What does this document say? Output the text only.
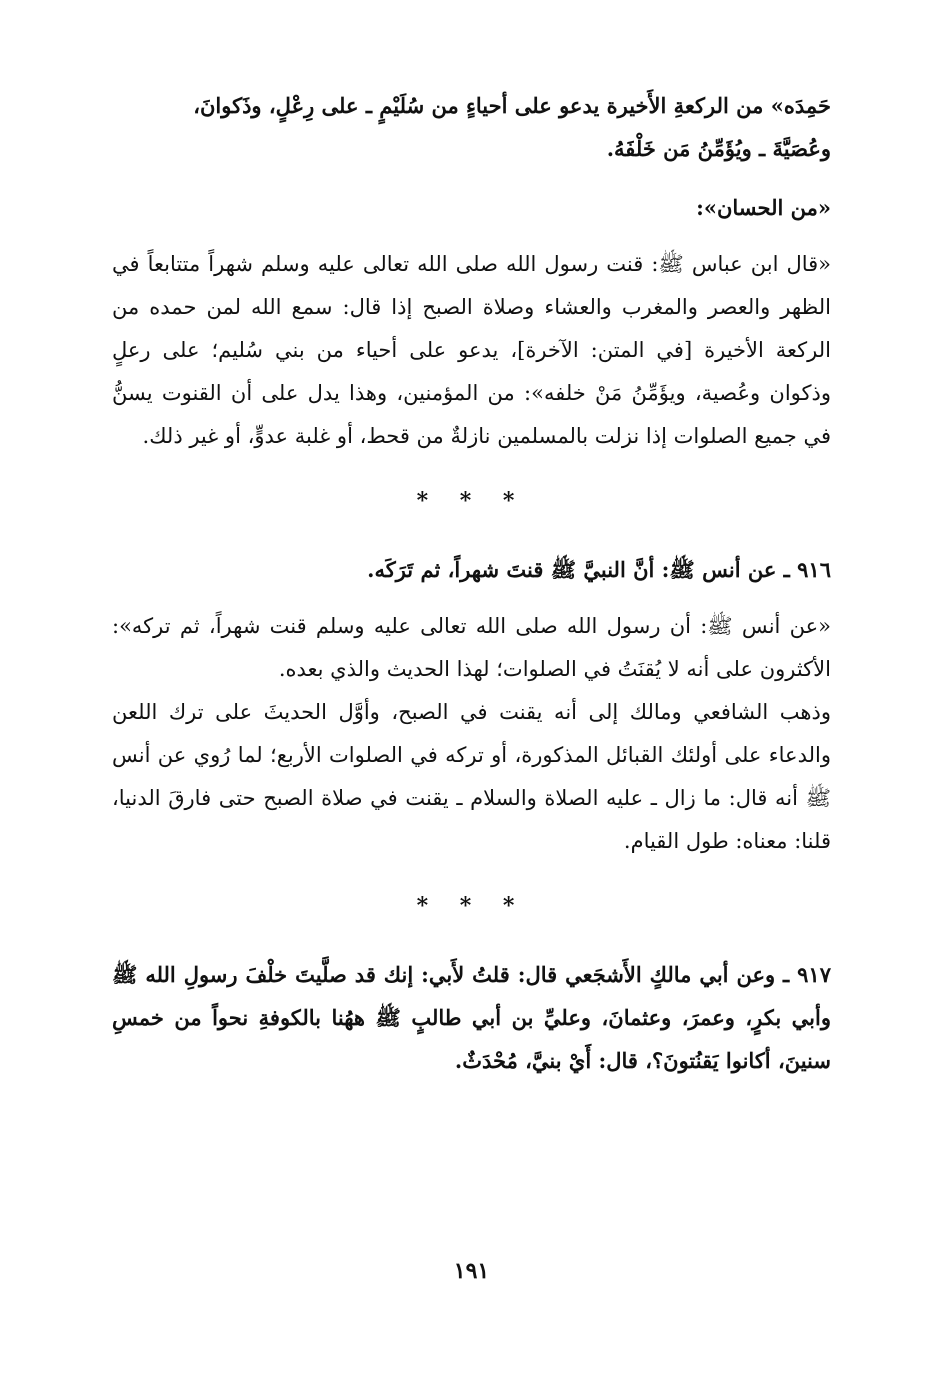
حَمِدَه» من الركعةِ الأَخيرة يدعو على أحياءٍ من سُلَيْمٍ ـ على رِعْلٍ، وذَكوانَ،

وعُصَيَّةَ ـ ويُؤَمِّنُ مَن خَلْفَهُ.

«من الحسان»:

«قال ابن عباس ﷺ: قنت رسول الله صلى الله تعالى عليه وسلم شهراً متتابعاً في الظهر والعصر والمغرب والعشاء وصلاة الصبح إذا قال: سمع الله لمن حمده من الركعة الأخيرة [في المتن: الآخرة]، يدعو على أحياء من بني سُليم؛ على رعلٍ وذكوان وعُصية، ويؤَمِّنُ مَنْ خلفه»: من المؤمنين، وهذا يدل على أن القنوت يسنُّ في جميع الصلوات إذا نزلت بالمسلمين نازلةٌ من قحط، أو غلبة عدوٍّ، أو غير ذلك.

* * *

٩١٦ ـ عن أنس ﷺ: أنَّ النبيَّ ﷺ قنتَ شهراً، ثم تَرَكَه.

«عن أنس ﷺ: أن رسول الله صلى الله تعالى عليه وسلم قنت شهراً، ثم تركه»: الأكثرون على أنه لا يُقنَتُ في الصلوات؛ لهذا الحديث والذي بعده.

وذهب الشافعي ومالك إلى أنه يقنت في الصبح، وأوَّل الحديثَ على ترك اللعن والدعاء على أولئك القبائل المذكورة، أو تركه في الصلوات الأربع؛ لما رُوي عن أنس ﷺ أنه قال: ما زال ـ عليه الصلاة والسلام ـ يقنت في صلاة الصبح حتى فارقَ الدنيا، قلنا: معناه: طول القيام.

* * *

٩١٧ ـ وعن أبي مالكٍ الأَشجَعي قال: قلتُ لأَبي: إنك قد صلَّيتَ خلْفَ رسولِ الله ﷺ وأبي بكرٍ، وعمرَ، وعثمانَ، وعليِّ بن أبي طالبٍ ﷺ ههُنا بالكوفةِ نحواً من خمسِ سنينَ، أكانوا يَقنُتونَ؟، قال: أَيْ بنيَّ، مُحْدَثٌ.

١٩١
